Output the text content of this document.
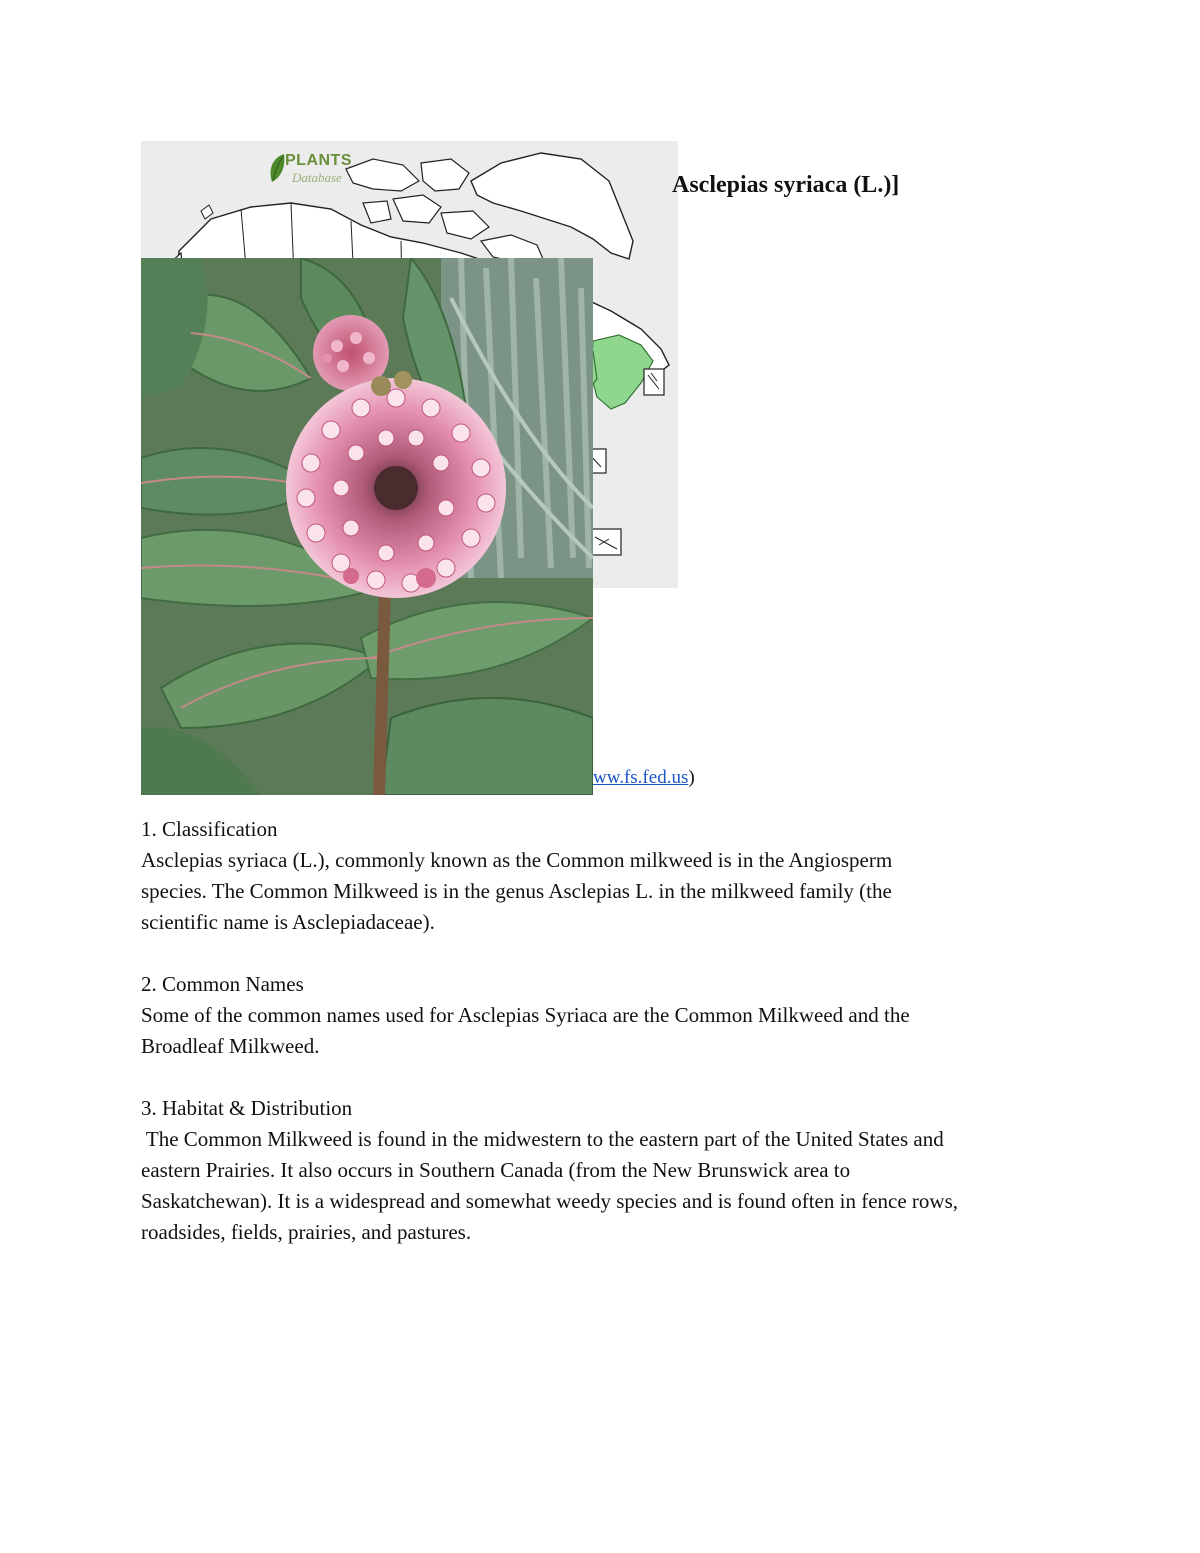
PLANTS
Database	Asclepias syriaca (L.)]
ww.fs.fed.us)

1. Classification

Asclepias syriaca (L.), commonly known as the Common milkweed is in the Angiosperm

species. The Common Milkweed is in the genus Asclepias L. in the milkweed family (the

scientific name is Asclepiadaceae).

2. Common Names

Some of the common names used for Asclepias Syriaca are the Common Milkweed and the

Broadleaf Milkweed.

3. Habitat & Distribution

The Common Milkweed is found in the midwestern to the eastern part of the United States and

eastern Prairies. It also occurs in Southern Canada (from the New Brunswick area to

Saskatchewan). It is a widespread and somewhat weedy species and is found often in fence rows,

roadsides, fields, prairies, and pastures.
